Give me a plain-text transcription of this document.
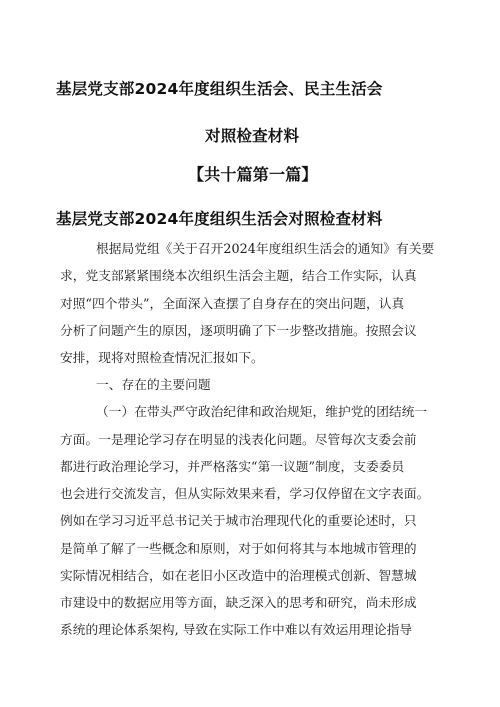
基层党支部2024年度组织生活会、民主生活会
对照检查材料
【共十篇第一篇】
基层党支部2024年度组织生活会对照检查材料
根据局党组《关于召开2024年度组织生活会的通知》有关要
求，党支部紧紧围绕本次组织生活会主题，结合工作实际，认真
对照“四个带头”，全面深入查摆了自身存在的突出问题，认真
分析了问题产生的原因，逐项明确了下一步整改措施。按照会议
安排，现将对照检查情况汇报如下。
一、存在的主要问题
（一）在带头严守政治纪律和政治规矩，维护党的团结统一
方面。一是理论学习存在明显的浅表化问题。尽管每次支委会前
都进行政治理论学习，并严格落实“第一议题”制度，支委委员
也会进行交流发言，但从实际效果来看，学习仅停留在文字表面。
例如在学习习近平总书记关于城市治理现代化的重要论述时，只
是简单了解了一些概念和原则，对于如何将其与本地城市管理的
实际情况相结合，如在老旧小区改造中的治理模式创新、智慧城
市建设中的数据应用等方面，缺乏深入的思考和研究，尚未形成
系统的理论体系架构, 导致在实际工作中难以有效运用理论指导
